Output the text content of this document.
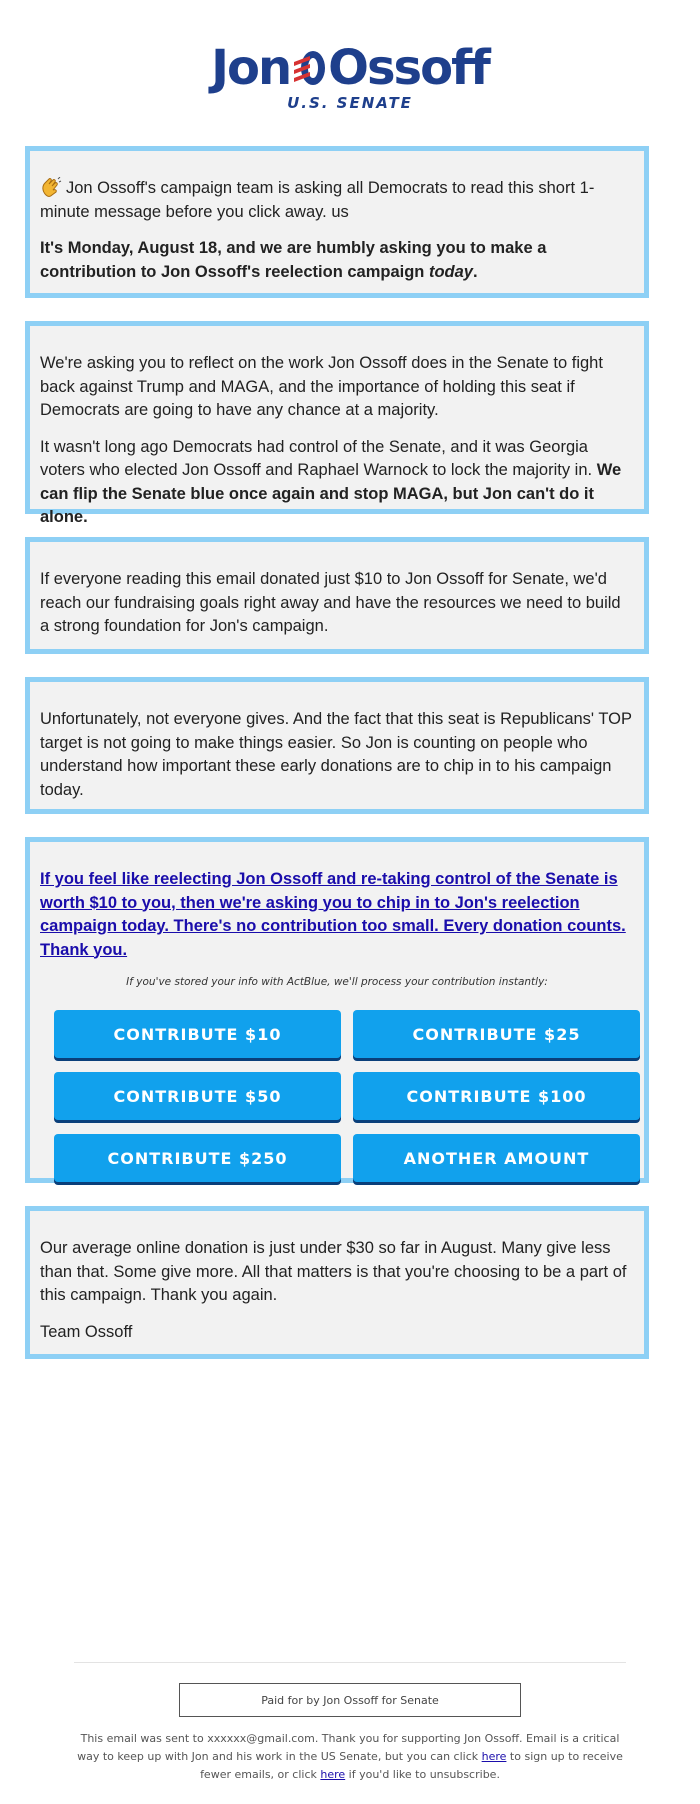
Jon Ossoff
U.S. SENATE

Jon Ossoff's campaign team is asking all Democrats to read this short 1-minute message before you click away. us

It's Monday, August 18, and we are humbly asking you to make a contribution to Jon Ossoff's reelection campaign today.

We're asking you to reflect on the work Jon Ossoff does in the Senate to fight back against Trump and MAGA, and the importance of holding this seat if Democrats are going to have any chance at a majority.

It wasn't long ago Democrats had control of the Senate, and it was Georgia voters who elected Jon Ossoff and Raphael Warnock to lock the majority in. We can flip the Senate blue once again and stop MAGA, but Jon can't do it alone.

If everyone reading this email donated just $10 to Jon Ossoff for Senate, we'd reach our fundraising goals right away and have the resources we need to build a strong foundation for Jon's campaign.

Unfortunately, not everyone gives. And the fact that this seat is Republicans' TOP target is not going to make things easier. So Jon is counting on people who understand how important these early donations are to chip in to his campaign today.

If you feel like reelecting Jon Ossoff and re-taking control of the Senate is worth $10 to you, then we're asking you to chip in to Jon's reelection campaign today. There's no contribution too small. Every donation counts. Thank you.
If you've stored your info with ActBlue, we'll process your contribution instantly:
CONTRIBUTE $10	CONTRIBUTE $25
CONTRIBUTE $50	CONTRIBUTE $100
CONTRIBUTE $250	ANOTHER AMOUNT

Our average online donation is just under $30 so far in August. Many give less than that. Some give more. All that matters is that you're choosing to be a part of this campaign. Thank you again.

Team Ossoff

Paid for by Jon Ossoff for Senate
This email was sent to xxxxxx@gmail.com. Thank you for supporting Jon Ossoff. Email is a critical way to keep up with Jon and his work in the US Senate, but you can click here to sign up to receive fewer emails, or click here if you'd like to unsubscribe.
